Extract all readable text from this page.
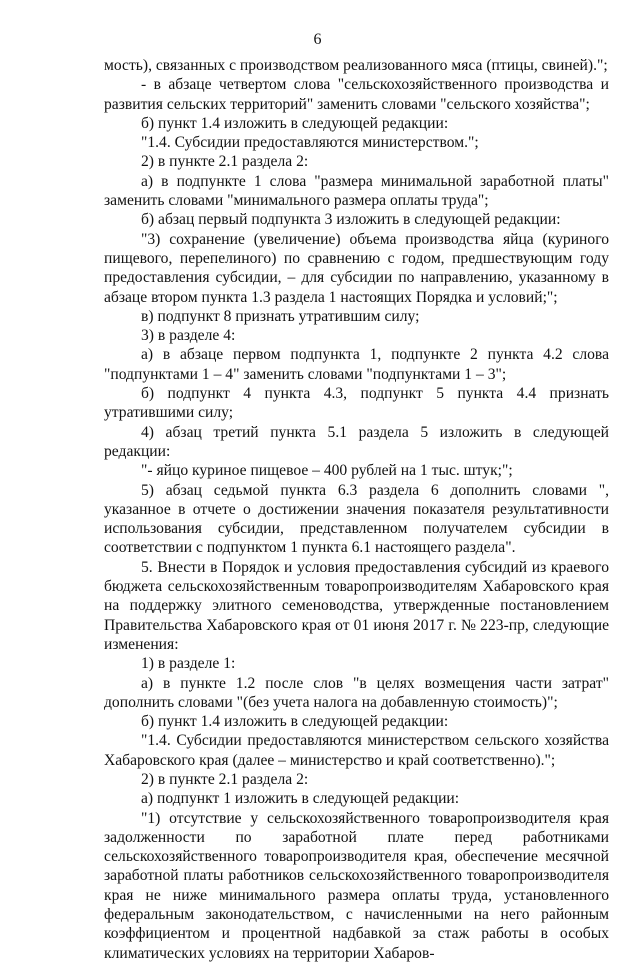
6

мость), связанных с производством реализованного мяса (птицы, свиней).";

- в абзаце четвертом слова "сельскохозяйственного производства и развития сельских территорий" заменить словами "сельского хозяйства";

б) пункт 1.4 изложить в следующей редакции:

"1.4. Субсидии предоставляются министерством.";

2) в пункте 2.1 раздела 2:

а) в подпункте 1 слова "размера минимальной заработной платы" заменить словами "минимального размера оплаты труда";

б) абзац первый подпункта 3 изложить в следующей редакции:

"3) сохранение (увеличение) объема производства яйца (куриного пищевого, перепелиного) по сравнению с годом, предшествующим году предоставления субсидии, – для субсидии по направлению, указанному в абзаце втором пункта 1.3 раздела 1 настоящих Порядка и условий;";

в) подпункт 8 признать утратившим силу;

3) в разделе 4:

а) в абзаце первом подпункта 1, подпункте 2 пункта 4.2 слова "подпунктами 1 – 4" заменить словами "подпунктами 1 – 3";

б) подпункт 4 пункта 4.3, подпункт 5 пункта 4.4 признать утратившими силу;

4) абзац третий пункта 5.1 раздела 5 изложить в следующей редакции:

"- яйцо куриное пищевое – 400 рублей на 1 тыс. штук;";

5) абзац седьмой пункта 6.3 раздела 6 дополнить словами ", указанное в отчете о достижении значения показателя результативности использования субсидии, представленном получателем субсидии в соответствии с подпунктом 1 пункта 6.1 настоящего раздела".

5. Внести в Порядок и условия предоставления субсидий из краевого бюджета сельскохозяйственным товаропроизводителям Хабаровского края на поддержку элитного семеноводства, утвержденные постановлением Правительства Хабаровского края от 01 июня 2017 г. № 223-пр, следующие изменения:

1) в разделе 1:

а) в пункте 1.2 после слов "в целях возмещения части затрат" дополнить словами "(без учета налога на добавленную стоимость)";

б) пункт 1.4 изложить в следующей редакции:

"1.4. Субсидии предоставляются министерством сельского хозяйства Хабаровского края (далее – министерство и край соответственно).";

2) в пункте 2.1 раздела 2:

а) подпункт 1 изложить в следующей редакции:

"1) отсутствие у сельскохозяйственного товаропроизводителя края задолженности по заработной плате перед работниками сельскохозяйственного товаропроизводителя края, обеспечение месячной заработной платы работников сельскохозяйственного товаропроизводителя края не ниже минимального размера оплаты труда, установленного федеральным законодательством, с начисленными на него районным коэффициентом и процентной надбавкой за стаж работы в особых климатических условиях на территории Хабаров-
